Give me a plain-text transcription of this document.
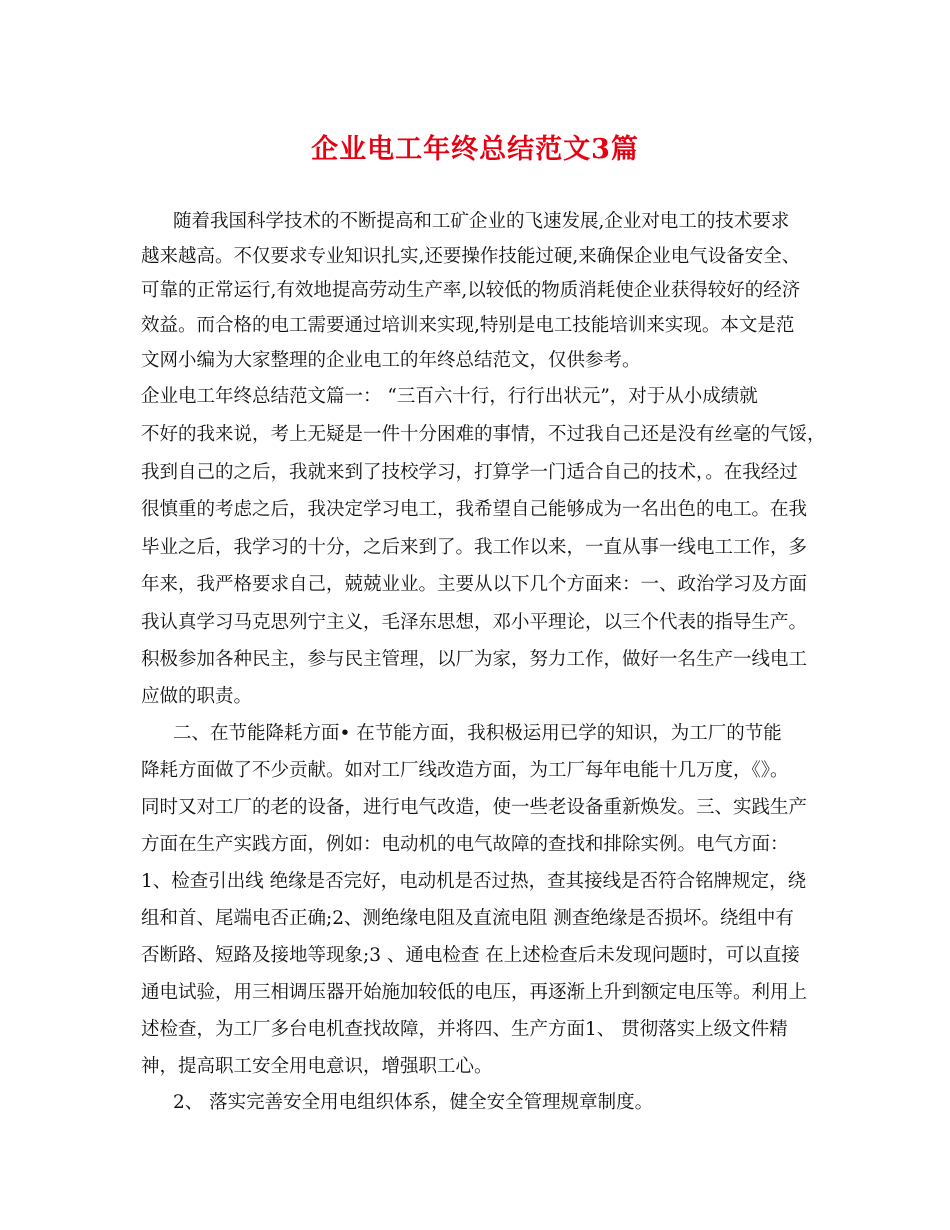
企业电工年终总结范文3篇
随着我国科学技术的不断提高和工矿企业的飞速发展,企业对电工的技术要求
越来越高。不仅要求专业知识扎实,还要操作技能过硬,来确保企业电气设备安全、
可靠的正常运行,有效地提高劳动生产率,以较低的物质消耗使企业获得较好的经济
效益。而合格的电工需要通过培训来实现,特别是电工技能培训来实现。本文是范
文网小编为大家整理的企业电工的年终总结范文，仅供参考。
企业电工年终总结范文篇一： “三百六十行，行行出状元”，对于从小成绩就
不好的我来说，考上无疑是一件十分困难的事情，不过我自己还是没有丝毫的气馁，
我到自己的之后，我就来到了技校学习，打算学一门适合自己的技术，。在我经过
很慎重的考虑之后，我决定学习电工，我希望自己能够成为一名出色的电工。在我
毕业之后，我学习的十分，之后来到了。我工作以来，一直从事一线电工工作，多
年来，我严格要求自己，兢兢业业。主要从以下几个方面来：一、政治学习及方面
我认真学习马克思列宁主义，毛泽东思想，邓小平理论，以三个代表的指导生产。
积极参加各种民主，参与民主管理，以厂为家，努力工作，做好一名生产一线电工
应做的职责。
二、在节能降耗方面• 在节能方面，我积极运用已学的知识，为工厂的节能
降耗方面做了不少贡献。如对工厂线改造方面，为工厂每年电能十几万度，《》。
同时又对工厂的老的设备，进行电气改造，使一些老设备重新焕发。三、实践生产
方面在生产实践方面，例如：电动机的电气故障的查找和排除实例。电气方面：
1、检查引出线 绝缘是否完好，电动机是否过热，查其接线是否符合铭牌规定，绕
组和首、尾端电否正确;2、测绝缘电阻及直流电阻 测查绝缘是否损坏。绕组中有
否断路、短路及接地等现象;3 、通电检查 在上述检查后未发现问题时，可以直接
通电试验，用三相调压器开始施加较低的电压，再逐渐上升到额定电压等。利用上
述检查，为工厂多台电机查找故障，并将四、生产方面1、 贯彻落实上级文件精
神，提高职工安全用电意识，增强职工心。
2、 落实完善安全用电组织体系，健全安全管理规章制度。
